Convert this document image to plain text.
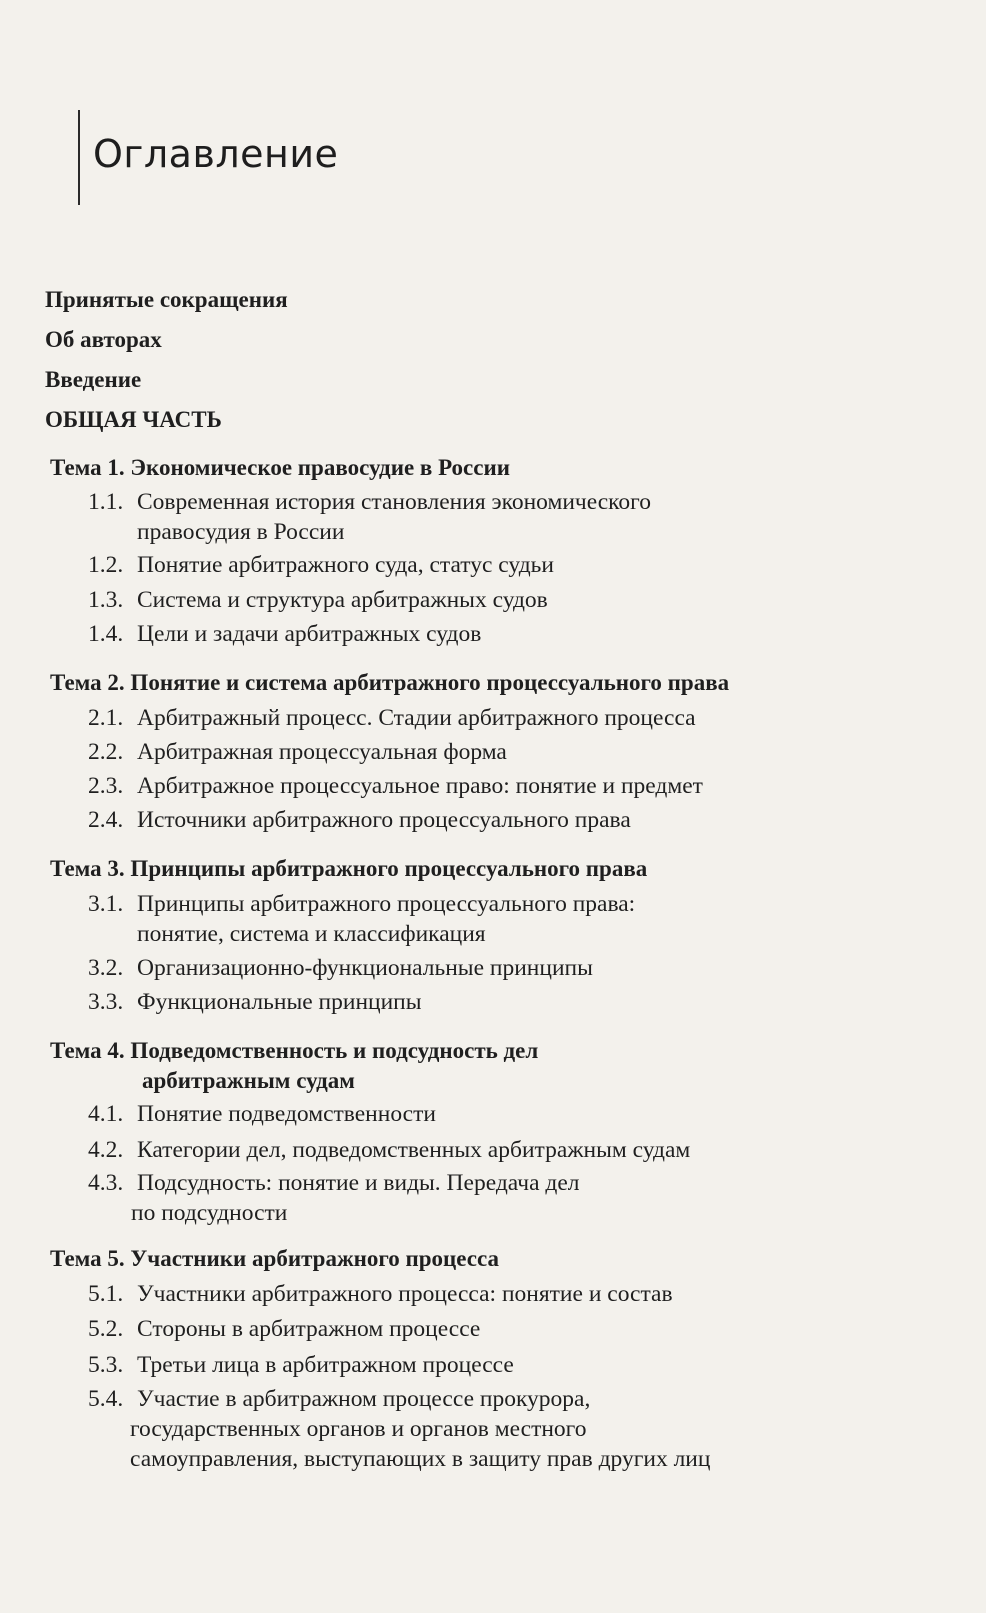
Оглавление
Принятые сокращения
Об авторах
Введение
ОБЩАЯ ЧАСТЬ
Тема 1. Экономическое правосудие в России
1.1. Современная история становления экономического
правосудия в России
1.2. Понятие арбитражного суда, статус судьи
1.3. Система и структура арбитражных судов
1.4. Цели и задачи арбитражных судов
Тема 2. Понятие и система арбитражного процессуального права
2.1. Арбитражный процесс. Стадии арбитражного процесса
2.2. Арбитражная процессуальная форма
2.3. Арбитражное процессуальное право: понятие и предмет
2.4. Источники арбитражного процессуального права
Тема 3. Принципы арбитражного процессуального права
3.1. Принципы арбитражного процессуального права:
понятие, система и классификация
3.2. Организационно-функциональные принципы
3.3. Функциональные принципы
Тема 4. Подведомственность и подсудность дел
арбитражным судам
4.1. Понятие подведомственности
4.2. Категории дел, подведомственных арбитражным судам
4.3. Подсудность: понятие и виды. Передача дел
по подсудности
Тема 5. Участники арбитражного процесса
5.1. Участники арбитражного процесса: понятие и состав
5.2. Стороны в арбитражном процессе
5.3. Третьи лица в арбитражном процессе
5.4. Участие в арбитражном процессе прокурора,
государственных органов и органов местного
самоуправления, выступающих в защиту прав других лиц
